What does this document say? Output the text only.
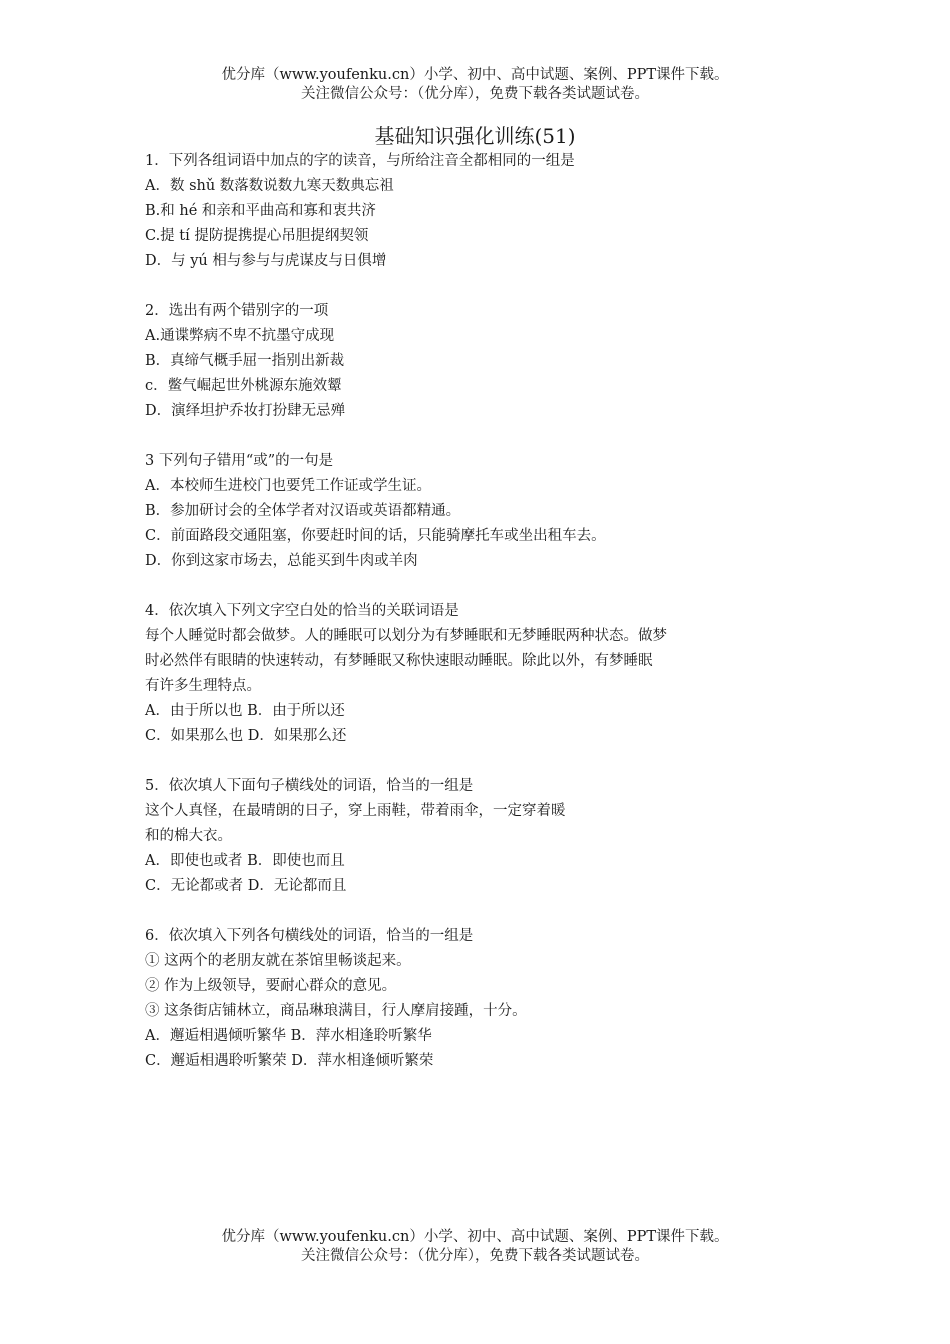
优分库（www.youfenku.cn）小学、初中、高中试题、案例、PPT课件下载。
关注微信公众号：（优分库），免费下载各类试题试卷。
基础知识强化训练(51)
1．下列各组词语中加点的字的读音，与所给注音全都相同的一组是
A．数 shǔ 数落数说数九寒天数典忘祖
B.和 hé 和亲和平曲高和寡和衷共济
C.提 tí 提防提携提心吊胆提纲契领
D．与 yú 相与参与与虎谋皮与日俱增
2．选出有两个错别字的一项
A.通谍弊病不卑不抗墨守成现
B．真缔气概手屈一指别出新裁
c．鳖气崛起世外桃源东施效颦
D．演绎坦护乔妆打扮肆无忌殚
3 下列句子错用“或”的一句是
A．本校师生进校门也要凭工作证或学生证。
B．参加研讨会的全体学者对汉语或英语都精通。
C．前面路段交通阻塞，你要赶时间的话，只能骑摩托车或坐出租车去。
D．你到这家市场去，总能买到牛肉或羊肉
4．依次填入下列文字空白处的恰当的关联词语是
每个人睡觉时都会做梦。人的睡眠可以划分为有梦睡眠和无梦睡眠两种状态。做梦
时必然伴有眼睛的快速转动，有梦睡眠又称快速眼动睡眠。除此以外，有梦睡眠
有许多生理特点。
A．由于所以也 B．由于所以还
C．如果那么也 D．如果那么还
5．依次填人下面句子横线处的词语，恰当的一组是
这个人真怪，在最晴朗的日子，穿上雨鞋，带着雨伞，一定穿着暖
和的棉大衣。
A．即使也或者 B．即使也而且
C．无论都或者 D．无论都而且
6．依次填入下列各句横线处的词语，恰当的一组是
① 这两个的老朋友就在茶馆里畅谈起来。
② 作为上级领导，要耐心群众的意见。
③ 这条街店铺林立，商品琳琅满目，行人摩肩接踵，十分。
A．邂逅相遇倾听繁华 B．萍水相逢聆听繁华
C．邂逅相遇聆听繁荣 D．萍水相逢倾听繁荣
优分库（www.youfenku.cn）小学、初中、高中试题、案例、PPT课件下载。
关注微信公众号：（优分库），免费下载各类试题试卷。
